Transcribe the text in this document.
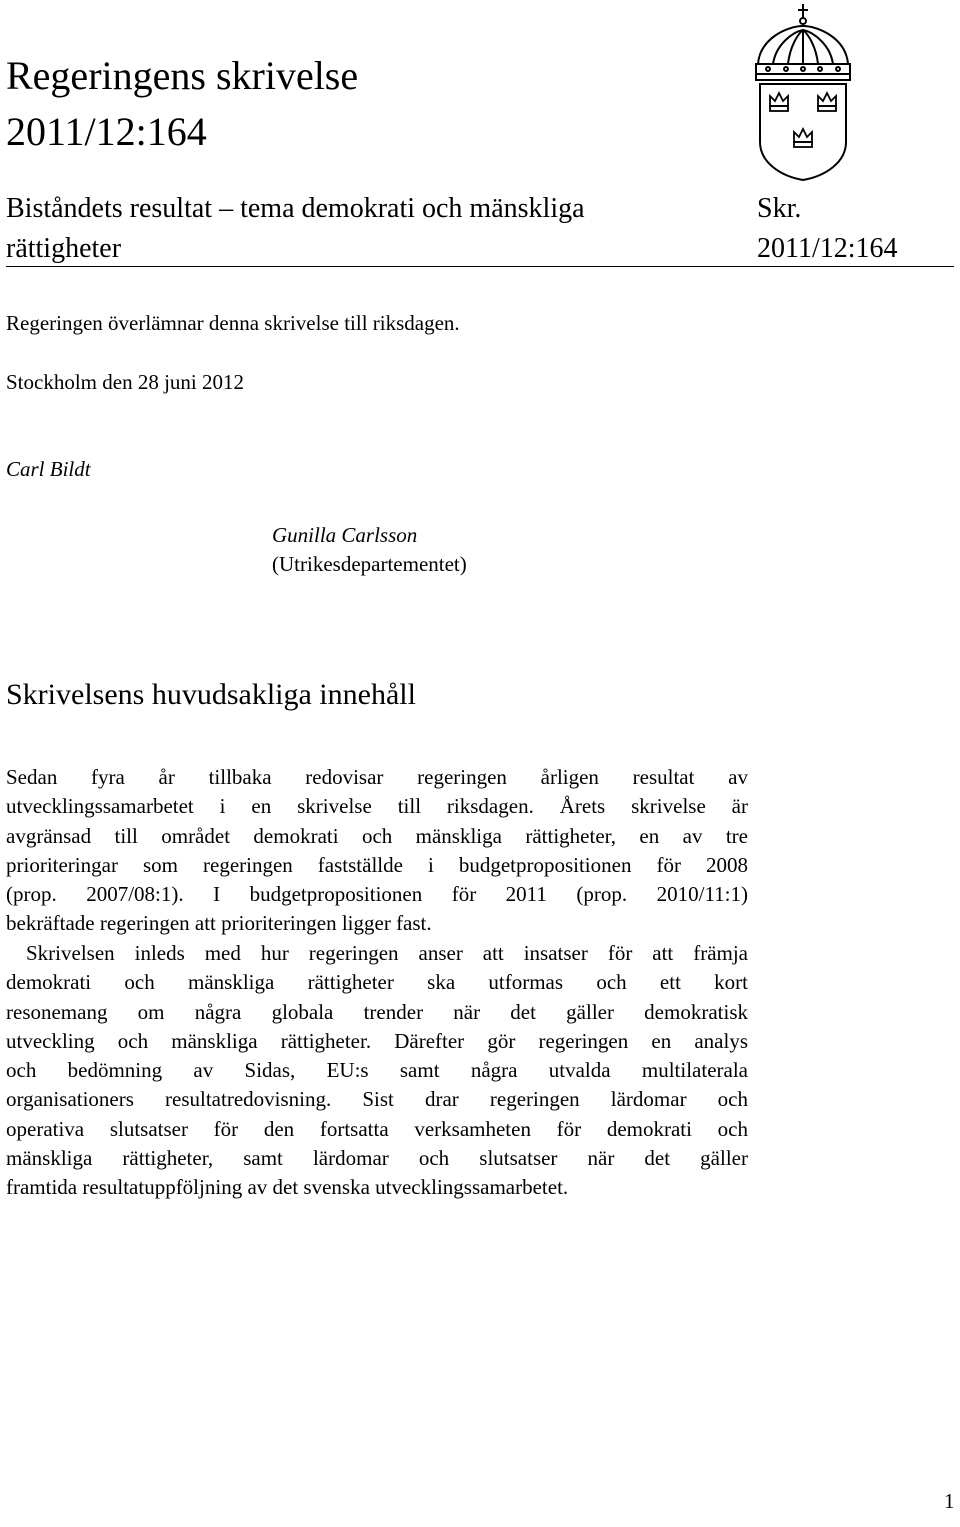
Regeringens skrivelse
2011/12:164
Biståndets resultat – tema demokrati och mänskliga
rättigheter
Skr.
2011/12:164
Regeringen överlämnar denna skrivelse till riksdagen.
Stockholm den 28 juni 2012
Carl Bildt
Gunilla Carlsson
(Utrikesdepartementet)
Skrivelsens huvudsakliga innehåll
Sedan fyra år tillbaka redovisar regeringen årligen resultat av
utvecklingssamarbetet i en skrivelse till riksdagen. Årets skrivelse är
avgränsad till området demokrati och mänskliga rättigheter, en av tre
prioriteringar som regeringen fastställde i budgetpropositionen för 2008
(prop. 2007/08:1). I budgetpropositionen för 2011 (prop. 2010/11:1)
bekräftade regeringen att prioriteringen ligger fast.
Skrivelsen inleds med hur regeringen anser att insatser för att främja
demokrati och mänskliga rättigheter ska utformas och ett kort
resonemang om några globala trender när det gäller demokratisk
utveckling och mänskliga rättigheter. Därefter gör regeringen en analys
och bedömning av Sidas, EU:s samt några utvalda multilaterala
organisationers resultatredovisning. Sist drar regeringen lärdomar och
operativa slutsatser för den fortsatta verksamheten för demokrati och
mänskliga rättigheter, samt lärdomar och slutsatser när det gäller
framtida resultatuppföljning av det svenska utvecklingssamarbetet.
1
